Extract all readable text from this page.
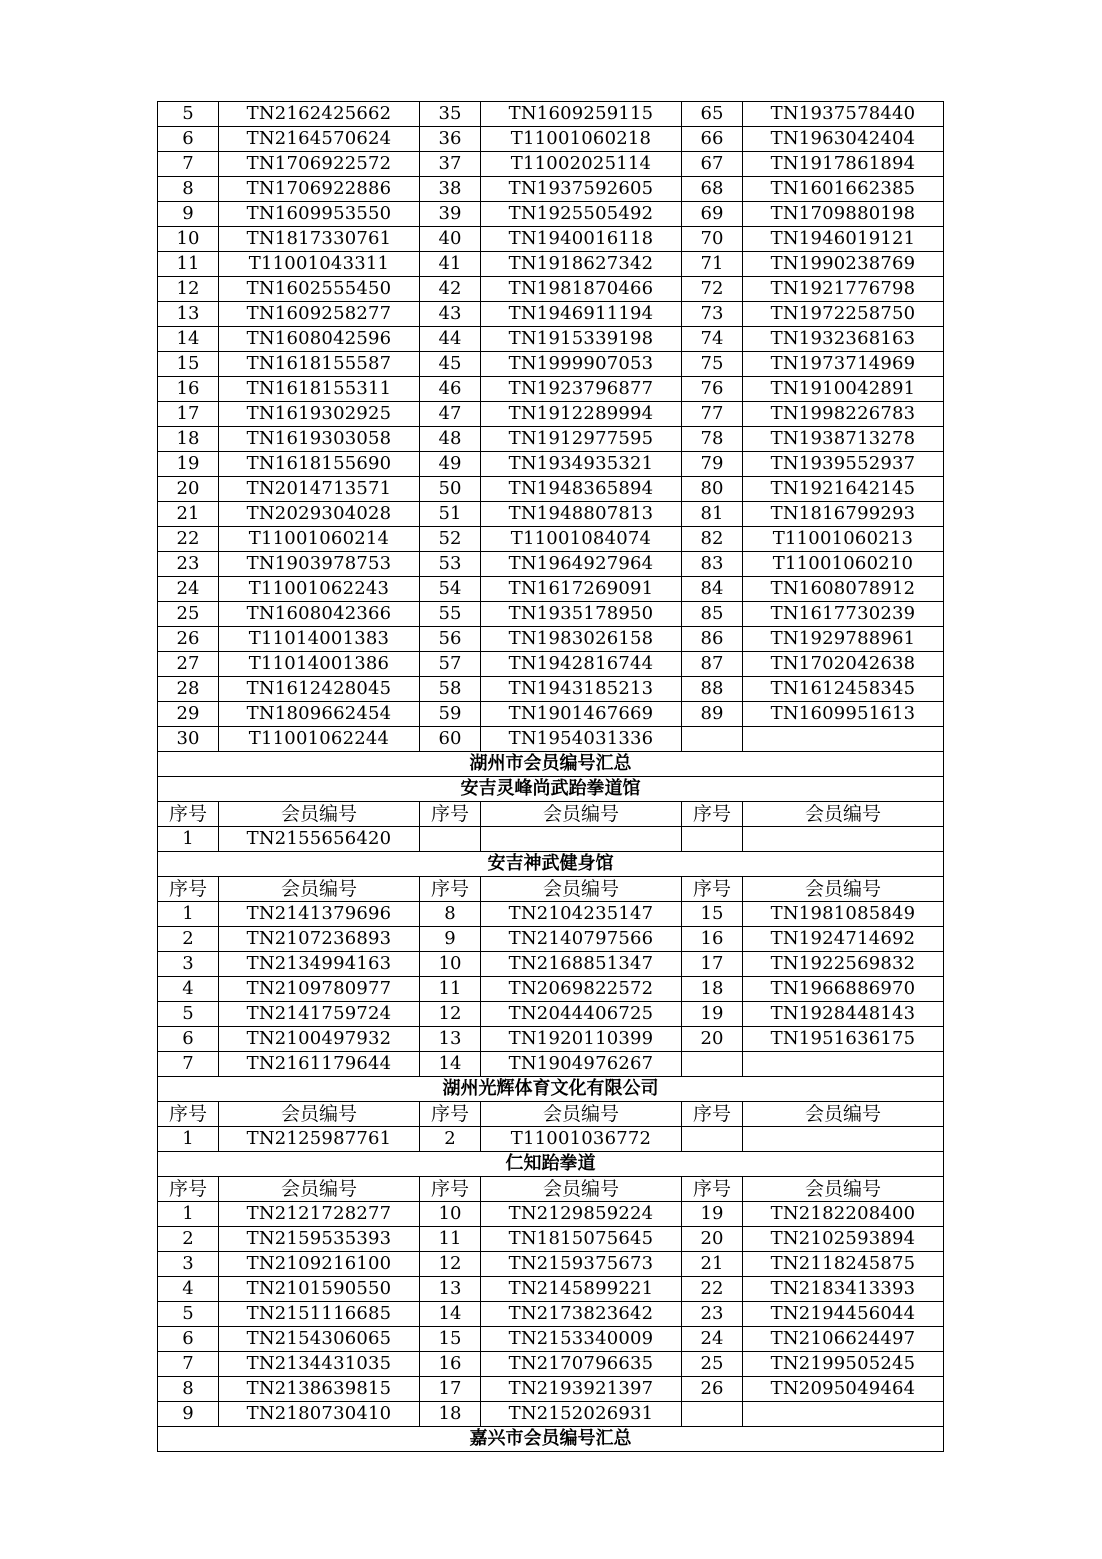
5	TN2162425662	35	TN1609259115	65	TN1937578440
6	TN2164570624	36	T11001060218	66	TN1963042404
7	TN1706922572	37	T11002025114	67	TN1917861894
8	TN1706922886	38	TN1937592605	68	TN1601662385
9	TN1609953550	39	TN1925505492	69	TN1709880198
10	TN1817330761	40	TN1940016118	70	TN1946019121
11	T11001043311	41	TN1918627342	71	TN1990238769
12	TN1602555450	42	TN1981870466	72	TN1921776798
13	TN1609258277	43	TN1946911194	73	TN1972258750
14	TN1608042596	44	TN1915339198	74	TN1932368163
15	TN1618155587	45	TN1999907053	75	TN1973714969
16	TN1618155311	46	TN1923796877	76	TN1910042891
17	TN1619302925	47	TN1912289994	77	TN1998226783
18	TN1619303058	48	TN1912977595	78	TN1938713278
19	TN1618155690	49	TN1934935321	79	TN1939552937
20	TN2014713571	50	TN1948365894	80	TN1921642145
21	TN2029304028	51	TN1948807813	81	TN1816799293
22	T11001060214	52	T11001084074	82	T11001060213
23	TN1903978753	53	TN1964927964	83	T11001060210
24	T11001062243	54	TN1617269091	84	TN1608078912
25	TN1608042366	55	TN1935178950	85	TN1617730239
26	T11014001383	56	TN1983026158	86	TN1929788961
27	T11014001386	57	TN1942816744	87	TN1702042638
28	TN1612428045	58	TN1943185213	88	TN1612458345
29	TN1809662454	59	TN1901467669	89	TN1609951613
30	T11001062244	60	TN1954031336		
湖州市会员编号汇总					
安吉灵峰尚武跆拳道馆					
序号	会员编号	序号	会员编号	序号	会员编号
1	TN2155656420				
安吉神武健身馆					
序号	会员编号	序号	会员编号	序号	会员编号
1	TN2141379696	8	TN2104235147	15	TN1981085849
2	TN2107236893	9	TN2140797566	16	TN1924714692
3	TN2134994163	10	TN2168851347	17	TN1922569832
4	TN2109780977	11	TN2069822572	18	TN1966886970
5	TN2141759724	12	TN2044406725	19	TN1928448143
6	TN2100497932	13	TN1920110399	20	TN1951636175
7	TN2161179644	14	TN1904976267		
湖州光辉体育文化有限公司					
序号	会员编号	序号	会员编号	序号	会员编号
1	TN2125987761	2	T11001036772		
仁知跆拳道					
序号	会员编号	序号	会员编号	序号	会员编号
1	TN2121728277	10	TN2129859224	19	TN2182208400
2	TN2159535393	11	TN1815075645	20	TN2102593894
3	TN2109216100	12	TN2159375673	21	TN2118245875
4	TN2101590550	13	TN2145899221	22	TN2183413393
5	TN2151116685	14	TN2173823642	23	TN2194456044
6	TN2154306065	15	TN2153340009	24	TN2106624497
7	TN2134431035	16	TN2170796635	25	TN2199505245
8	TN2138639815	17	TN2193921397	26	TN2095049464
9	TN2180730410	18	TN2152026931		
嘉兴市会员编号汇总					
